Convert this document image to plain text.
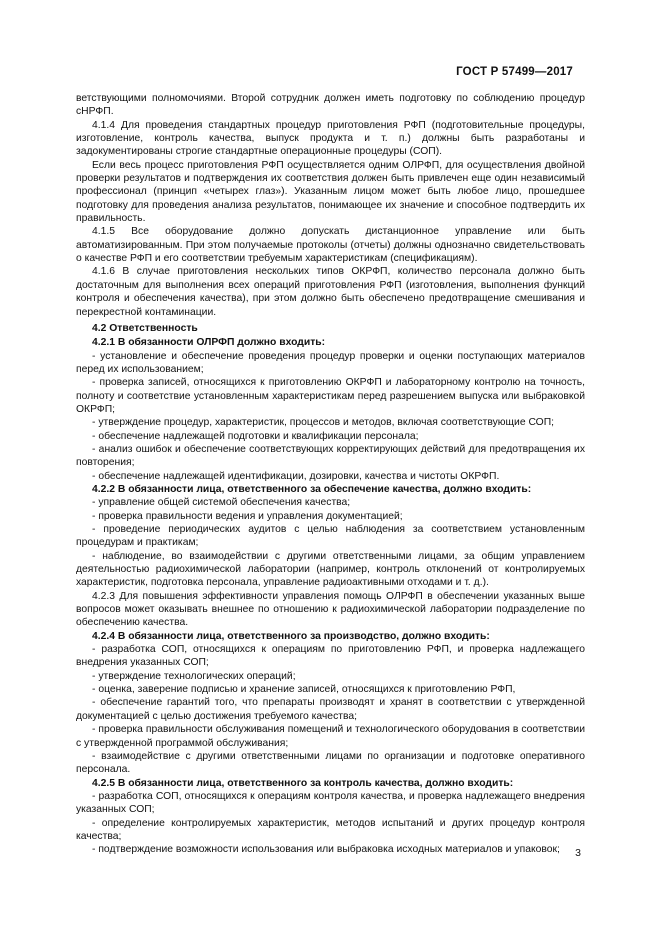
ГОСТ Р 57499—2017

ветствующими полномочиями. Второй сотрудник должен иметь подготовку по соблюдению процедур сНРФП.

4.1.4 Для проведения стандартных процедур приготовления РФП (подготовительные процедуры, изготовление, контроль качества, выпуск продукта и т. п.) должны быть разработаны и задокументированы строгие стандартные операционные процедуры (СОП).

Если весь процесс приготовления РФП осуществляется одним ОЛРФП, для осуществления двойной проверки результатов и подтверждения их соответствия должен быть привлечен еще один независимый профессионал (принцип «четырех глаз»). Указанным лицом может быть любое лицо, прошедшее подготовку для проведения анализа результатов, понимающее их значение и способное подтвердить их правильность.

4.1.5 Все оборудование должно допускать дистанционное управление или быть автоматизированным. При этом получаемые протоколы (отчеты) должны однозначно свидетельствовать о качестве РФП и его соответствии требуемым характеристикам (спецификациям).

4.1.6 В случае приготовления нескольких типов ОКРФП, количество персонала должно быть достаточным для выполнения всех операций приготовления РФП (изготовления, выполнения функций контроля и обеспечения качества), при этом должно быть обеспечено предотвращение смешивания и перекрестной контаминации.

4.2 Ответственность

4.2.1 В обязанности ОЛРФП должно входить:

- установление и обеспечение проведения процедур проверки и оценки поступающих материалов перед их использованием;

- проверка записей, относящихся к приготовлению ОКРФП и лабораторному контролю на точность, полноту и соответствие установленным характеристикам перед разрешением выпуска или выбраковкой ОКРФП;

- утверждение процедур, характеристик, процессов и методов, включая соответствующие СОП;

- обеспечение надлежащей подготовки и квалификации персонала;

- анализ ошибок и обеспечение соответствующих корректирующих действий для предотвращения их повторения;

- обеспечение надлежащей идентификации, дозировки, качества и чистоты ОКРФП.

4.2.2 В обязанности лица, ответственного за обеспечение качества, должно входить:

- управление общей системой обеспечения качества;

- проверка правильности ведения и управления документацией;

- проведение периодических аудитов с целью наблюдения за соответствием установленным процедурам и практикам;

- наблюдение, во взаимодействии с другими ответственными лицами, за общим управлением деятельностью радиохимической лаборатории (например, контроль отклонений от контролируемых характеристик, подготовка персонала, управление радиоактивными отходами и т. д.).

4.2.3 Для повышения эффективности управления помощь ОЛРФП в обеспечении указанных выше вопросов может оказывать внешнее по отношению к радиохимической лаборатории подразделение по обеспечению качества.

4.2.4 В обязанности лица, ответственного за производство, должно входить:

- разработка СОП, относящихся к операциям по приготовлению РФП, и проверка надлежащего внедрения указанных СОП;

- утверждение технологических операций;

- оценка, заверение подписью и хранение записей, относящихся к приготовлению РФП,

- обеспечение гарантий того, что препараты производят и хранят в соответствии с утвержденной документацией с целью достижения требуемого качества;

- проверка правильности обслуживания помещений и технологического оборудования в соответствии с утвержденной программой обслуживания;

- взаимодействие с другими ответственными лицами по организации и подготовке оперативного персонала.

4.2.5 В обязанности лица, ответственного за контроль качества, должно входить:

- разработка СОП, относящихся к операциям контроля качества, и проверка надлежащего внедрения указанных СОП;

- определение контролируемых характеристик, методов испытаний и других процедур контроля качества;

- подтверждение возможности использования или выбраковка исходных материалов и упаковок;	3
